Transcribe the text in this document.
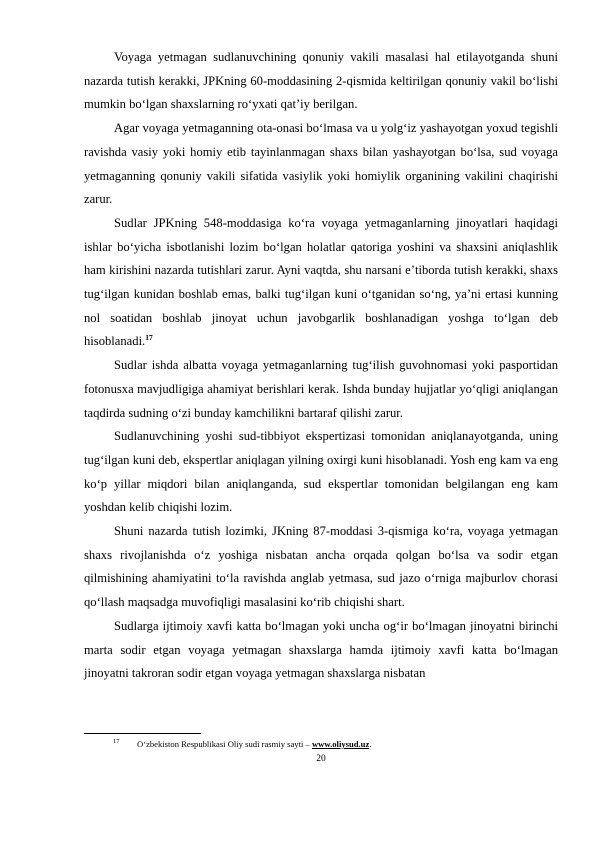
Voyaga yetmagan sudlanuvchining qonuniy vakili masalasi hal etilayotganda shuni nazarda tutish kerakki, JPKning 60-moddasining 2-qismida keltirilgan qonuniy vakil boʻlishi mumkin boʻlgan shaxslarning roʻyxati qatʼiy berilgan.

Agar voyaga yetmaganning ota-onasi boʻlmasa va u yolgʻiz yashayotgan yoxud tegishli ravishda vasiy yoki homiy etib tayinlanmagan shaxs bilan yashayotgan boʻlsa, sud voyaga yetmaganning qonuniy vakili sifatida vasiylik yoki homiylik organining vakilini chaqirishi zarur.

Sudlar JPKning 548-moddasiga koʻra voyaga yetmaganlarning jinoyatlari haqidagi ishlar boʻyicha isbotlanishi lozim boʻlgan holatlar qatoriga yoshini va shaxsini aniqlashlik ham kirishini nazarda tutishlari zarur. Ayni vaqtda, shu narsani eʼtiborda tutish kerakki, shaxs tugʻilgan kunidan boshlab emas, balki tugʻilgan kuni oʻtganidan soʻng, yaʼni ertasi kunning nol soatidan boshlab jinoyat uchun javobgarlik boshlanadigan yoshga toʻlgan deb hisoblanadi.$^{17}$

Sudlar ishda albatta voyaga yetmaganlarning tugʻilish guvohnomasi yoki pasportidan fotonusxa mavjudligiga ahamiyat berishlari kerak. Ishda bunday hujjatlar yoʻqligi aniqlangan taqdirda sudning oʻzi bunday kamchilikni bartaraf qilishi zarur.

Sudlanuvchining yoshi sud-tibbiyot ekspertizasi tomonidan aniqlanayotganda, uning tugʻilgan kuni deb, ekspertlar aniqlagan yilning oxirgi kuni hisoblanadi. Yosh eng kam va eng koʻp yillar miqdori bilan aniqlanganda, sud ekspertlar tomonidan belgilangan eng kam yoshdan kelib chiqishi lozim.

Shuni nazarda tutish lozimki, JKning 87-moddasi 3-qismiga koʻra, voyaga yetmagan shaxs rivojlanishda oʻz yoshiga nisbatan ancha orqada qolgan boʻlsa va sodir etgan qilmishining ahamiyatini toʻla ravishda anglab yetmasa, sud jazo oʻrniga majburlov chorasi qoʻllash maqsadga muvofiqligi masalasini koʻrib chiqishi shart.

Sudlarga ijtimoiy xavfi katta boʻlmagan yoki uncha ogʻir boʻlmagan jinoyatni birinchi marta sodir etgan voyaga yetmagan shaxslarga hamda ijtimoiy xavfi katta boʻlmagan jinoyatni takroran sodir etgan voyaga yetmagan shaxslarga nisbatan

17 Oʻzbekiston Respublikasi Oliy sudi rasmiy sayti – www.oliysud.uz.
20
